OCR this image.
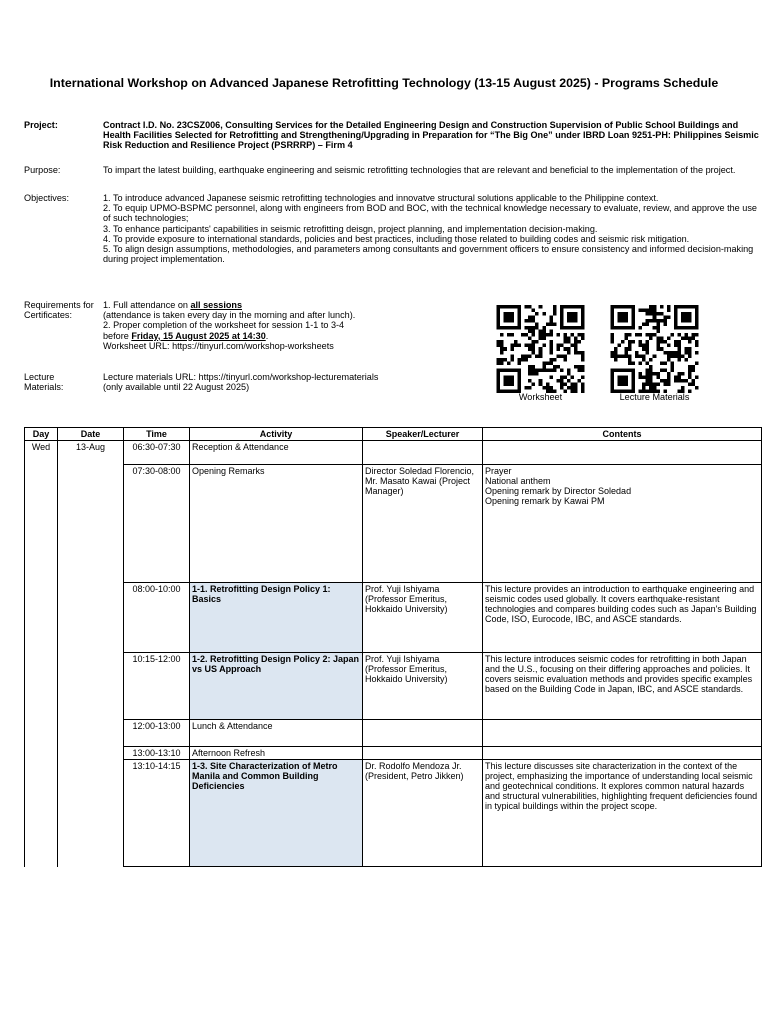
International Workshop on Advanced Japanese Retrofitting Technology (13-15 August 2025) - Programs Schedule
Project:	Contract I.D. No. 23CSZ006, Consulting Services for the Detailed Engineering Design and Construction Supervision of Public School Buildings and Health Facilities Selected for Retrofitting and Strengthening/Upgrading in Preparation for “The Big One” under IBRD Loan 9251-PH: Philippines Seismic Risk Reduction and Resilience Project (PSRRRP) – Firm 4
Purpose:	To impart the latest building, earthquake engineering and seismic retrofitting technologies that are relevant and beneficial to the implementation of the project.
Objectives:	1. To introduce advanced Japanese seismic retrofitting technologies and innovatve structural solutions applicable to the Philippine context.
2. To equip UPMO-BSPMC personnel, along with engineers from BOD and BOC, with the technical knowledge necessary to evaluate, review, and approve the use of such technologies;
3. To enhance participants' capabilities in seismic retrofitting deisgn, project planning, and implementation decision-making.
4. To provide exposure to international standards, policies and best practices, including those related to building codes and seismic risk mitigation.
5. To align design assumptions, methodologies, and parameters among consultants and government officers to ensure consistency and informed decision-making during project implementation.
Requirements for
Certificates:
1. Full attendance on all sessions
(attendance is taken every day in the morning and after lunch).
2. Proper completion of the worksheet for session 1-1 to 3-4
before Friday, 15 August 2025 at 14:30.
Worksheet URL: https://tinyurl.com/workshop-worksheets
Lecture
Materials:
Lecture materials URL: https://tinyurl.com/workshop-lecturematerials
(only available until 22 August 2025)
Worksheet	Lecture Materials
Day	Date	Time	Activity	Speaker/Lecturer	Contents
Wed	13-Aug	06:30-07:30	Reception & Attendance		
		07:30-08:00	Opening Remarks	Director Soledad Florencio, Mr. Masato Kawai (Project Manager)	Prayer
National anthem
Opening remark by Director Soledad
Opening remark by Kawai PM
		08:00-10:00	1-1. Retrofitting Design Policy 1: Basics	Prof. Yuji Ishiyama (Professor Emeritus, Hokkaido University)	This lecture provides an introduction to earthquake engineering and seismic codes used globally. It covers earthquake-resistant technologies and compares building codes such as Japan's Building Code, ISO, Eurocode, IBC, and ASCE standards.
		10:15-12:00	1-2. Retrofitting Design Policy 2: Japan vs US Approach	Prof. Yuji Ishiyama (Professor Emeritus, Hokkaido University)	This lecture introduces seismic codes for retrofitting in both Japan and the U.S., focusing on their differing approaches and policies. It covers seismic evaluation methods and provides specific examples based on the Building Code in Japan, IBC, and ASCE standards.
		12:00-13:00	Lunch & Attendance		
		13:00-13:10	Afternoon Refresh		
		13:10-14:15	1-3. Site Characterization of Metro Manila and Common Building Deficiencies	Dr. Rodolfo Mendoza Jr. (President, Petro Jikken)	This lecture discusses site characterization in the context of the project, emphasizing the importance of understanding local seismic and geotechnical conditions. It explores common natural hazards and structural vulnerabilities, highlighting frequent deficiencies found in typical buildings within the project scope.
